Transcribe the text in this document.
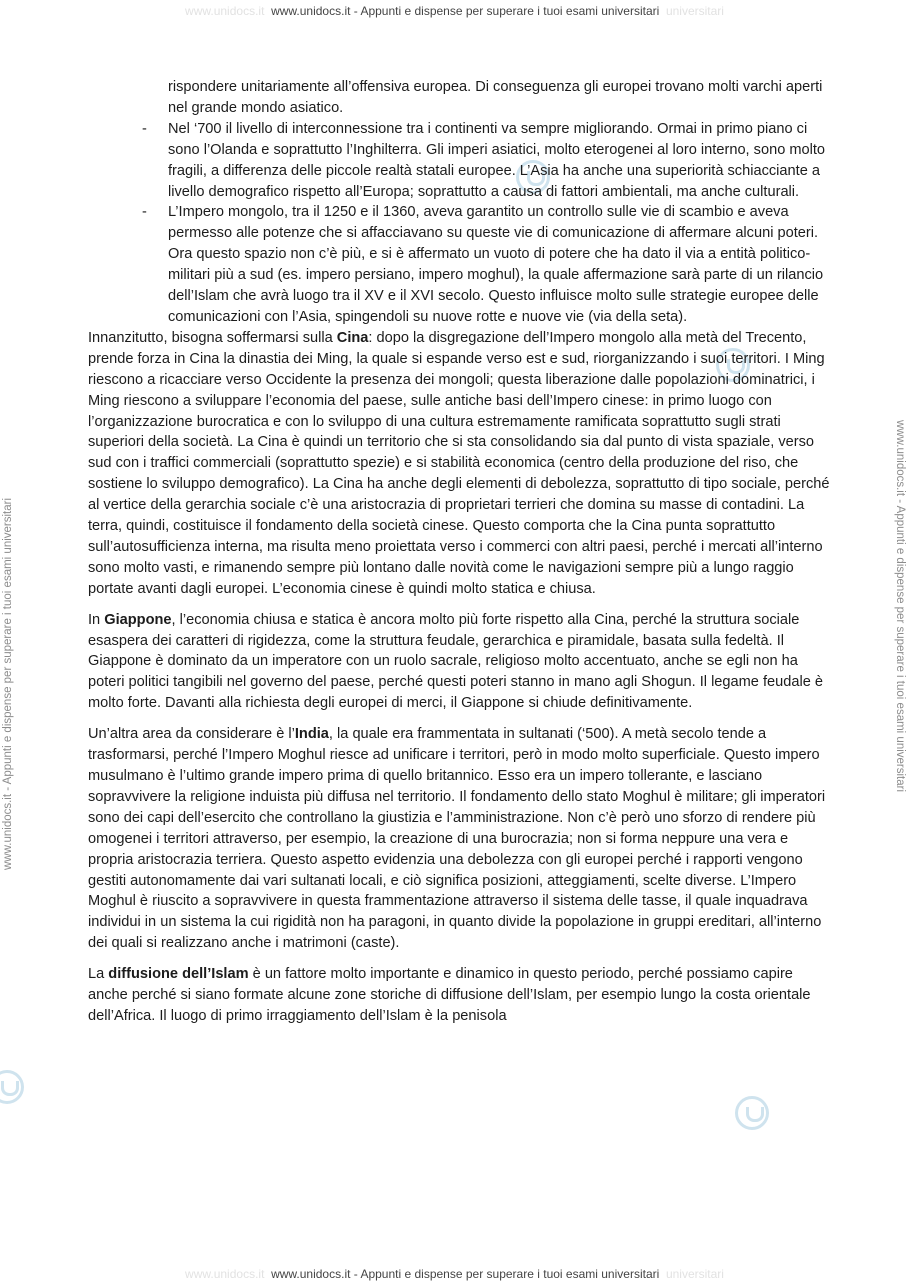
www.unidocs.it  www.unidocs.it - Appunti e dispense per superare i tuoi esami universitari  universitari
www.unidocs.it - Appunti e dispense per superare i tuoi esami universitari	www.unidocs.it - Appunti e dispense per superare i tuoi esami universitari
rispondere unitariamente all’offensiva europea. Di conseguenza gli europei trovano molti varchi aperti nel grande mondo asiatico.
- Nel ‘700 il livello di interconnessione tra i continenti va sempre migliorando. Ormai in primo piano ci sono l’Olanda e soprattutto l’Inghilterra. Gli imperi asiatici, molto eterogenei al loro interno, sono molto fragili, a differenza delle piccole realtà statali europee. L’Asia ha anche una superiorità schiacciante a livello demografico rispetto all’Europa; soprattutto a causa di fattori ambientali, ma anche culturali.
- L’Impero mongolo, tra il 1250 e il 1360, aveva garantito un controllo sulle vie di scambio e aveva permesso alle potenze che si affacciavano su queste vie di comunicazione di affermare alcuni poteri. Ora questo spazio non c’è più, e si è affermato un vuoto di potere che ha dato il via a entità politico-militari più a sud (es. impero persiano, impero moghul), la quale affermazione sarà parte di un rilancio dell’Islam che avrà luogo tra il XV e il XVI secolo. Questo influisce molto sulle strategie europee delle comunicazioni con l’Asia, spingendoli su nuove rotte e nuove vie (via della seta).

Innanzitutto, bisogna soffermarsi sulla Cina: dopo la disgregazione dell’Impero mongolo alla metà del Trecento, prende forza in Cina la dinastia dei Ming, la quale si espande verso est e sud, riorganizzando i suoi territori. I Ming riescono a ricacciare verso Occidente la presenza dei mongoli; questa liberazione dalle popolazioni dominatrici, i Ming riescono a sviluppare l’economia del paese, sulle antiche basi dell’Impero cinese: in primo luogo con l’organizzazione burocratica e con lo sviluppo di una cultura estremamente ramificata soprattutto sugli strati superiori della società. La Cina è quindi un territorio che si sta consolidando sia dal punto di vista spaziale, verso sud con i traffici commerciali (soprattutto spezie) e si stabilità economica (centro della produzione del riso, che sostiene lo sviluppo demografico). La Cina ha anche degli elementi di debolezza, soprattutto di tipo sociale, perché al vertice della gerarchia sociale c’è una aristocrazia di proprietari terrieri che domina su masse di contadini. La terra, quindi, costituisce il fondamento della società cinese. Questo comporta che la Cina punta soprattutto sull’autosufficienza interna, ma risulta meno proiettata verso i commerci con altri paesi, perché i mercati all’interno sono molto vasti, e rimanendo sempre più lontano dalle novità come le navigazioni sempre più a lungo raggio portate avanti dagli europei. L’economia cinese è quindi molto statica e chiusa.

In Giappone, l’economia chiusa e statica è ancora molto più forte rispetto alla Cina, perché la struttura sociale esaspera dei caratteri di rigidezza, come la struttura feudale, gerarchica e piramidale, basata sulla fedeltà. Il Giappone è dominato da un imperatore con un ruolo sacrale, religioso molto accentuato, anche se egli non ha poteri politici tangibili nel governo del paese, perché questi poteri stanno in mano agli Shogun. Il legame feudale è molto forte. Davanti alla richiesta degli europei di merci, il Giappone si chiude definitivamente.

Un’altra area da considerare è l’India, la quale era frammentata in sultanati (‘500). A metà secolo tende a trasformarsi, perché l’Impero Moghul riesce ad unificare i territori, però in modo molto superficiale. Questo impero musulmano è l’ultimo grande impero prima di quello britannico. Esso era un impero tollerante, e lasciano sopravvivere la religione induista più diffusa nel territorio. Il fondamento dello stato Moghul è militare; gli imperatori sono dei capi dell’esercito che controllano la giustizia e l’amministrazione. Non c’è però uno sforzo di rendere più omogenei i territori attraverso, per esempio, la creazione di una burocrazia; non si forma neppure una vera e propria aristocrazia terriera. Questo aspetto evidenzia una debolezza con gli europei perché i rapporti vengono gestiti autonomamente dai vari sultanati locali, e ciò significa posizioni, atteggiamenti, scelte diverse. L’Impero Moghul è riuscito a sopravvivere in questa frammentazione attraverso il sistema delle tasse, il quale inquadrava individui in un sistema la cui rigidità non ha paragoni, in quanto divide la popolazione in gruppi ereditari, all’interno dei quali si realizzano anche i matrimoni (caste).

La diffusione dell’Islam è un fattore molto importante e dinamico in questo periodo, perché possiamo capire anche perché si siano formate alcune zone storiche di diffusione dell’Islam, per esempio lungo la costa orientale dell’Africa. Il luogo di primo irraggiamento dell’Islam è la penisola

www.unidocs.it  www.unidocs.it - Appunti e dispense per superare i tuoi esami universitari  universitari
